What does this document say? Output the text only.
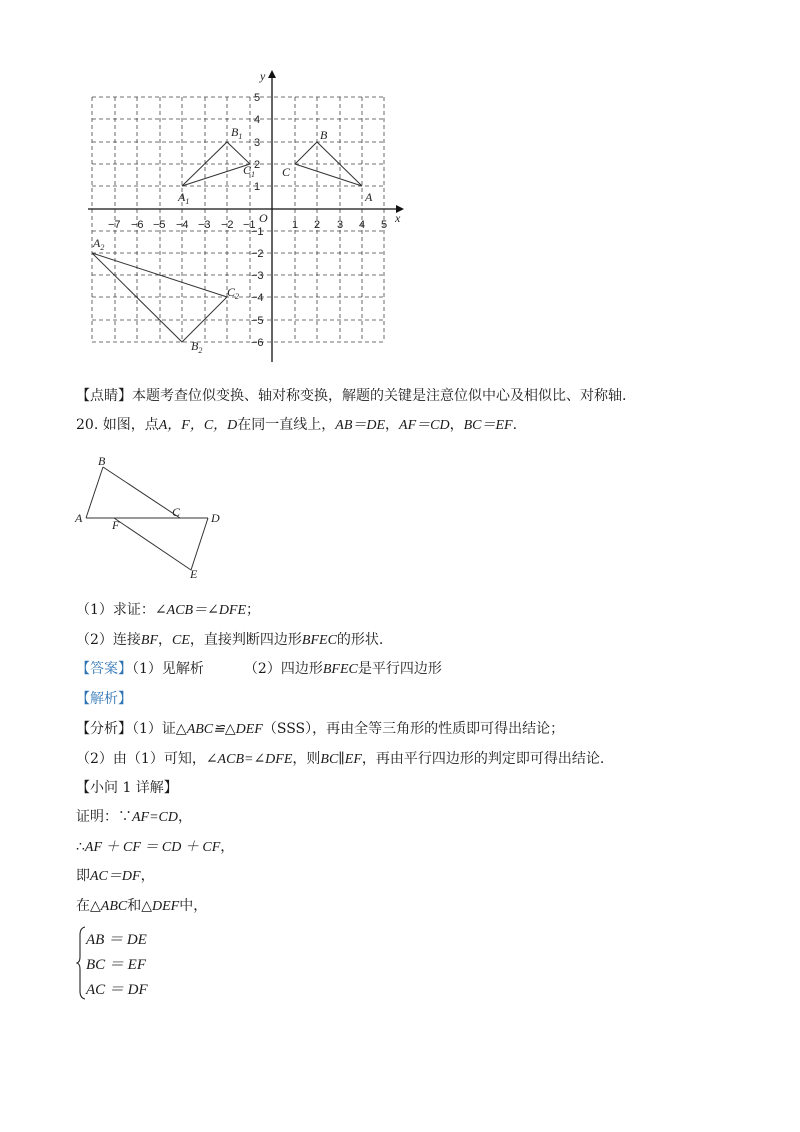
x
y
O
−7 −6 −5 −4 −3 −2 −1	1 2 3 4 5
5
4
3
2
1
−1
−2
−3
−4
−5
−6
A
B
C
$A_1$
$B_1$
$C_1$
$A_2$
$B_2$
$C_2$
【点睛】本题考查位似变换、轴对称变换，解题的关键是注意位似中心及相似比、对称轴.
20. 如图，点A，F，C，D在同一直线上，AB＝DE，AF＝CD，BC＝EF.
A
B
C	D
E
F
（1）求证：∠ACB＝∠DFE；
（2）连接BF，CE，直接判断四边形BFEC的形状.
【答案】（1）见解析	（2）四边形BFEC是平行四边形
【解析】
【分析】（1）证△ABC≌△DEF（SSS），再由全等三角形的性质即可得出结论；
（2）由（1）可知，∠ACB=∠DFE，则BC∥EF，再由平行四边形的判定即可得出结论.
【小问 1 详解】
证明：∵AF=CD，
∴AF ＋ CF ＝ CD ＋ CF，
即AC＝DF，
在△ABC和△DEF中，
AB ＝ DE
BC ＝ EF
AC ＝ DF
